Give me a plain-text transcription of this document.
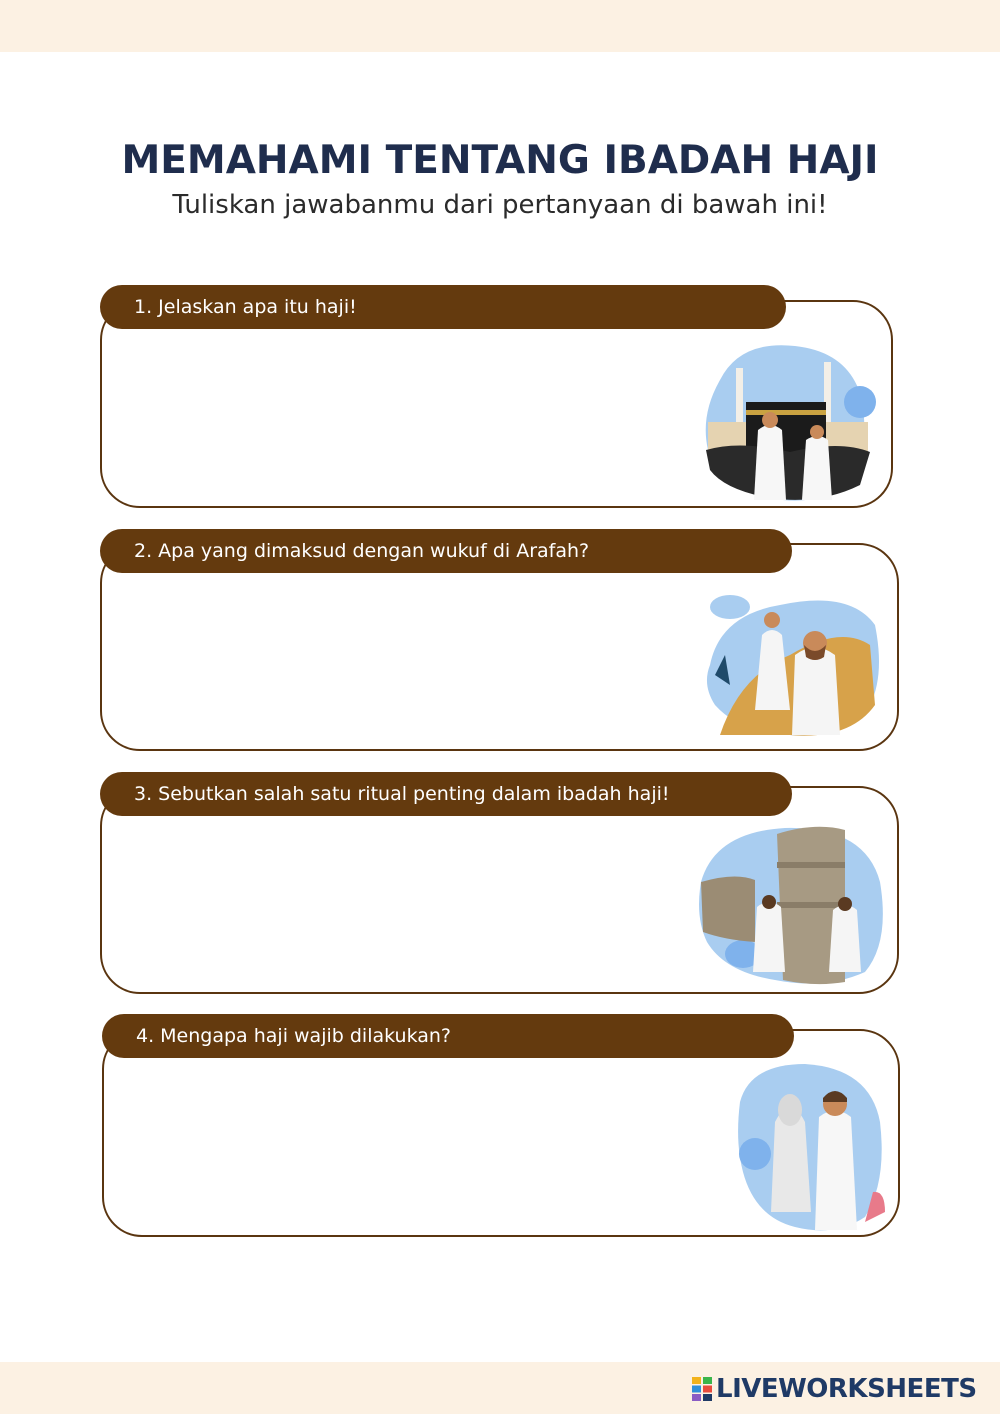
MEMAHAMI TENTANG IBADAH HAJI

Tuliskan jawabanmu dari pertanyaan di bawah ini!

1. Jelaskan apa itu haji!
2. Apa yang dimaksud dengan wukuf di Arafah?
3. Sebutkan salah satu ritual penting dalam ibadah haji!
4. Mengapa haji wajib dilakukan?
LIVEWORKSHEETS
